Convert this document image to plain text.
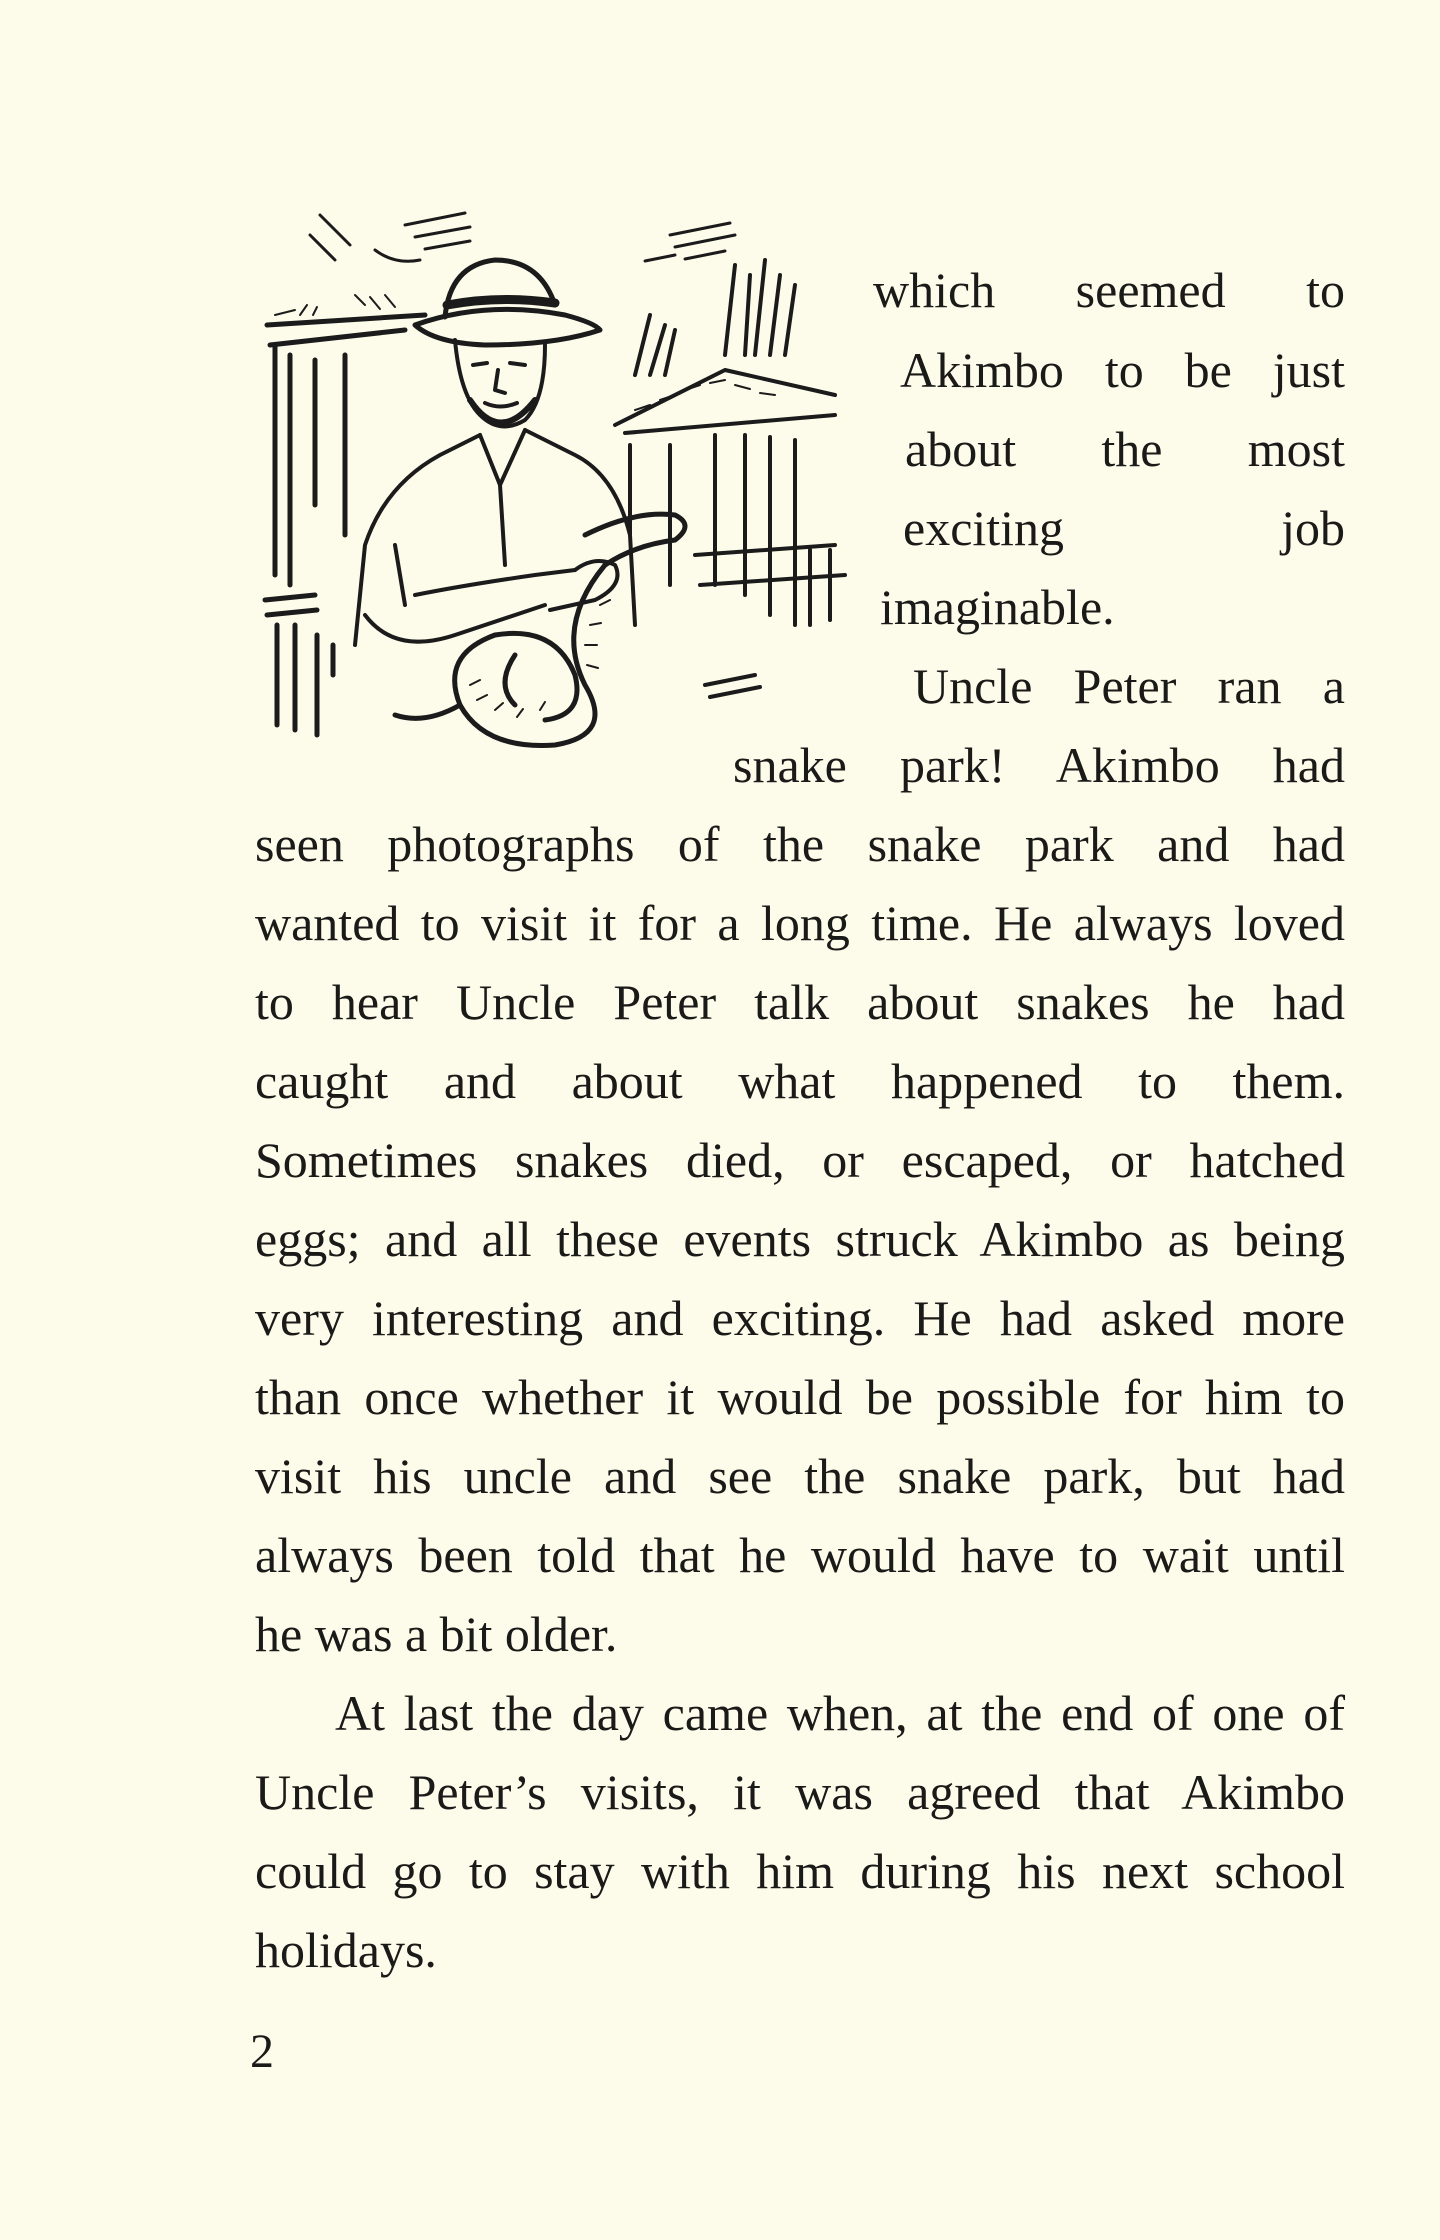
which seemed to
Akimbo to be just
about the most
exciting job
imaginable.
Uncle Peter ran a
snake park! Akimbo had
seen photographs of the snake park and had
wanted to visit it for a long time. He always loved
to hear Uncle Peter talk about snakes he had
caught and about what happened to them.
Sometimes snakes died, or escaped, or hatched
eggs; and all these events struck Akimbo as being
very interesting and exciting. He had asked more
than once whether it would be possible for him to
visit his uncle and see the snake park, but had
always been told that he would have to wait until
he was a bit older.
At last the day came when, at the end of one of
Uncle Peter’s visits, it was agreed that Akimbo
could go to stay with him during his next school
holidays.
2
